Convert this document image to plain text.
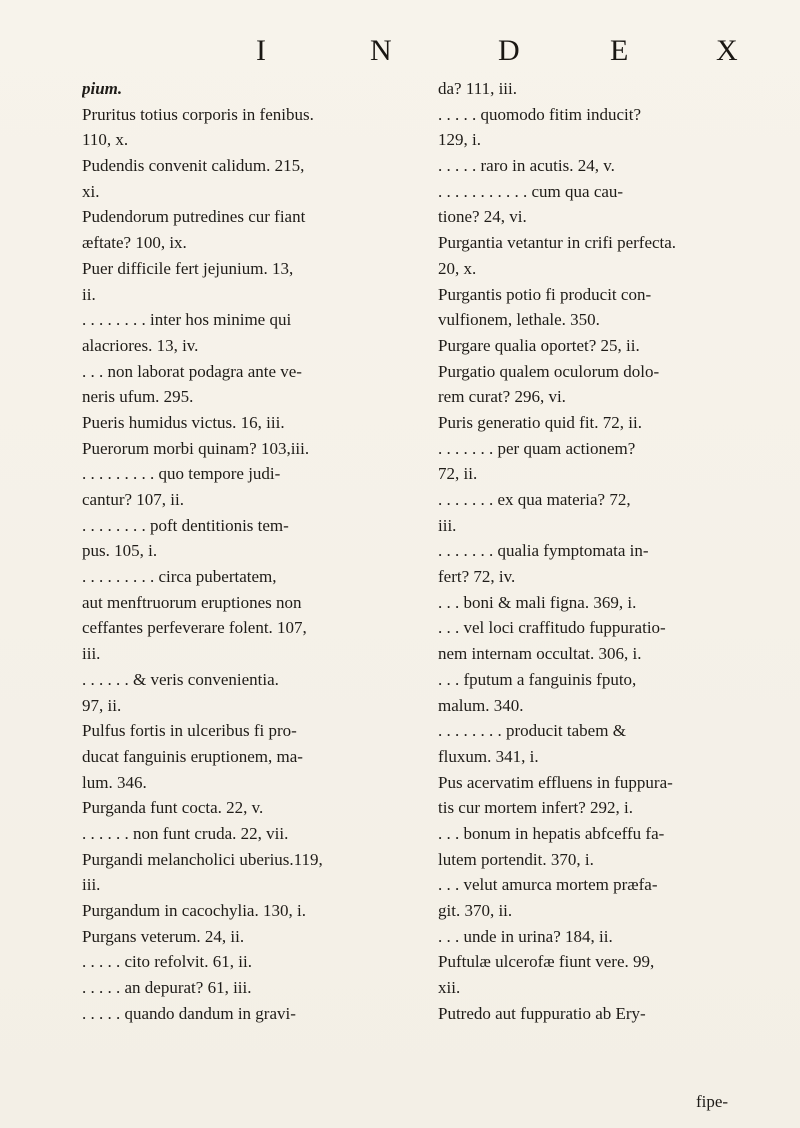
I	N	D	E	X
pium.
Pruritus totius corporis in fenibus.
110, x.
Pudendis convenit calidum. 215,
xi.
Pudendorum putredines cur fiant
æftate? 100, ix.
Puer difficile fert jejunium. 13,
ii.
. . . . . . . . inter hos minime qui
alacriores. 13, iv.
. . . non laborat podagra ante ve-
neris ufum. 295.
Pueris humidus victus. 16, iii.
Puerorum morbi quinam? 103,iii.
. . . . . . . . . quo tempore judi-
cantur? 107, ii.
. . . . . . . . poft dentitionis tem-
pus. 105, i.
. . . . . . . . . circa pubertatem,
aut menftruorum eruptiones non
ceffantes perfeverare folent. 107,
iii.
. . . . . . & veris convenientia.
97, ii.
Pulfus fortis in ulceribus fi pro-
ducat fanguinis eruptionem, ma-
lum. 346.
Purganda funt cocta. 22, v.
. . . . . . non funt cruda. 22, vii.
Purgandi melancholici uberius.119,
iii.
Purgandum in cacochylia. 130, i.
Purgans veterum. 24, ii.
. . . . . cito refolvit. 61, ii.
. . . . . an depurat? 61, iii.
. . . . . quando dandum in gravi-
da? 111, iii.
. . . . . quomodo fitim inducit?
129, i.
. . . . . raro in acutis. 24, v.
. . . . . . . . . . . cum qua cau-
tione? 24, vi.
Purgantia vetantur in crifi perfecta.
20, x.
Purgantis potio fi producit con-
vulfionem, lethale. 350.
Purgare qualia oportet? 25, ii.
Purgatio qualem oculorum dolo-
rem curat? 296, vi.
Puris generatio quid fit. 72, ii.
. . . . . . . per quam actionem?
72, ii.
. . . . . . . ex qua materia? 72,
iii.
. . . . . . . qualia fymptomata in-
fert? 72, iv.
. . . boni & mali figna. 369, i.
. . . vel loci craffitudo fuppuratio-
nem internam occultat. 306, i.
. . . fputum a fanguinis fputo,
malum. 340.
. . . . . . . . producit tabem &
fluxum. 341, i.
Pus acervatim effluens in fuppura-
tis cur mortem infert? 292, i.
. . . bonum in hepatis abfceffu fa-
lutem portendit. 370, i.
. . . velut amurca mortem præfa-
git. 370, ii.
. . . unde in urina? 184, ii.
Puftulæ ulcerofæ fiunt vere. 99,
xii.
Putredo aut fuppuratio ab Ery-
fipe-
